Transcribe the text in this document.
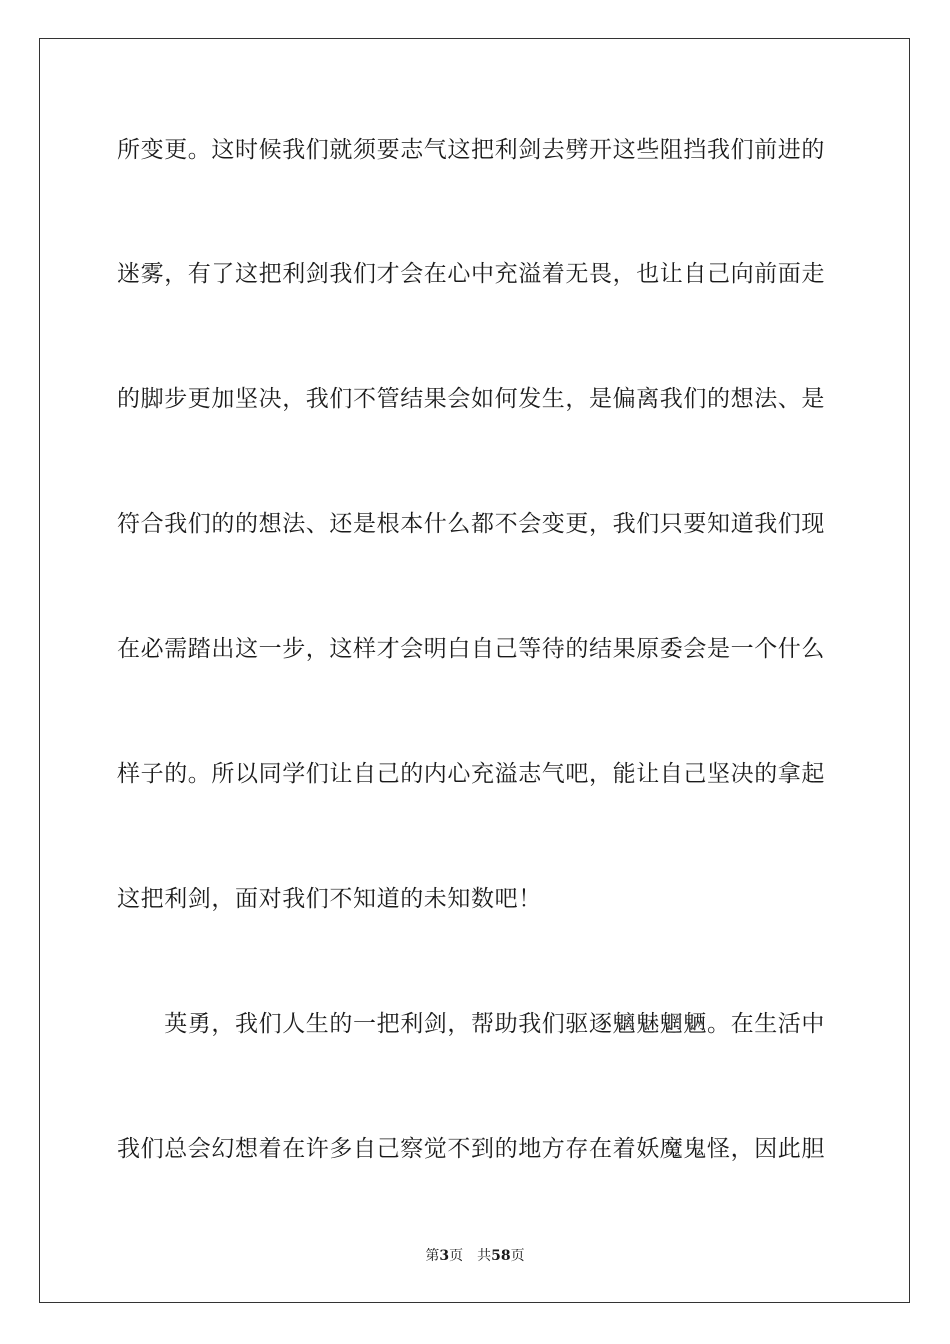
所变更。这时候我们就须要志气这把利剑去劈开这些阻挡我们前进的
迷雾，有了这把利剑我们才会在心中充溢着无畏，也让自己向前面走
的脚步更加坚决，我们不管结果会如何发生，是偏离我们的想法、是
符合我们的的想法、还是根本什么都不会变更，我们只要知道我们现
在必需踏出这一步，这样才会明白自己等待的结果原委会是一个什么
样子的。所以同学们让自己的内心充溢志气吧，能让自己坚决的拿起
这把利剑，面对我们不知道的未知数吧！
　　英勇，我们人生的一把利剑，帮助我们驱逐魑魅魍魉。在生活中
我们总会幻想着在许多自己察觉不到的地方存在着妖魔鬼怪，因此胆
第3页 共58页
